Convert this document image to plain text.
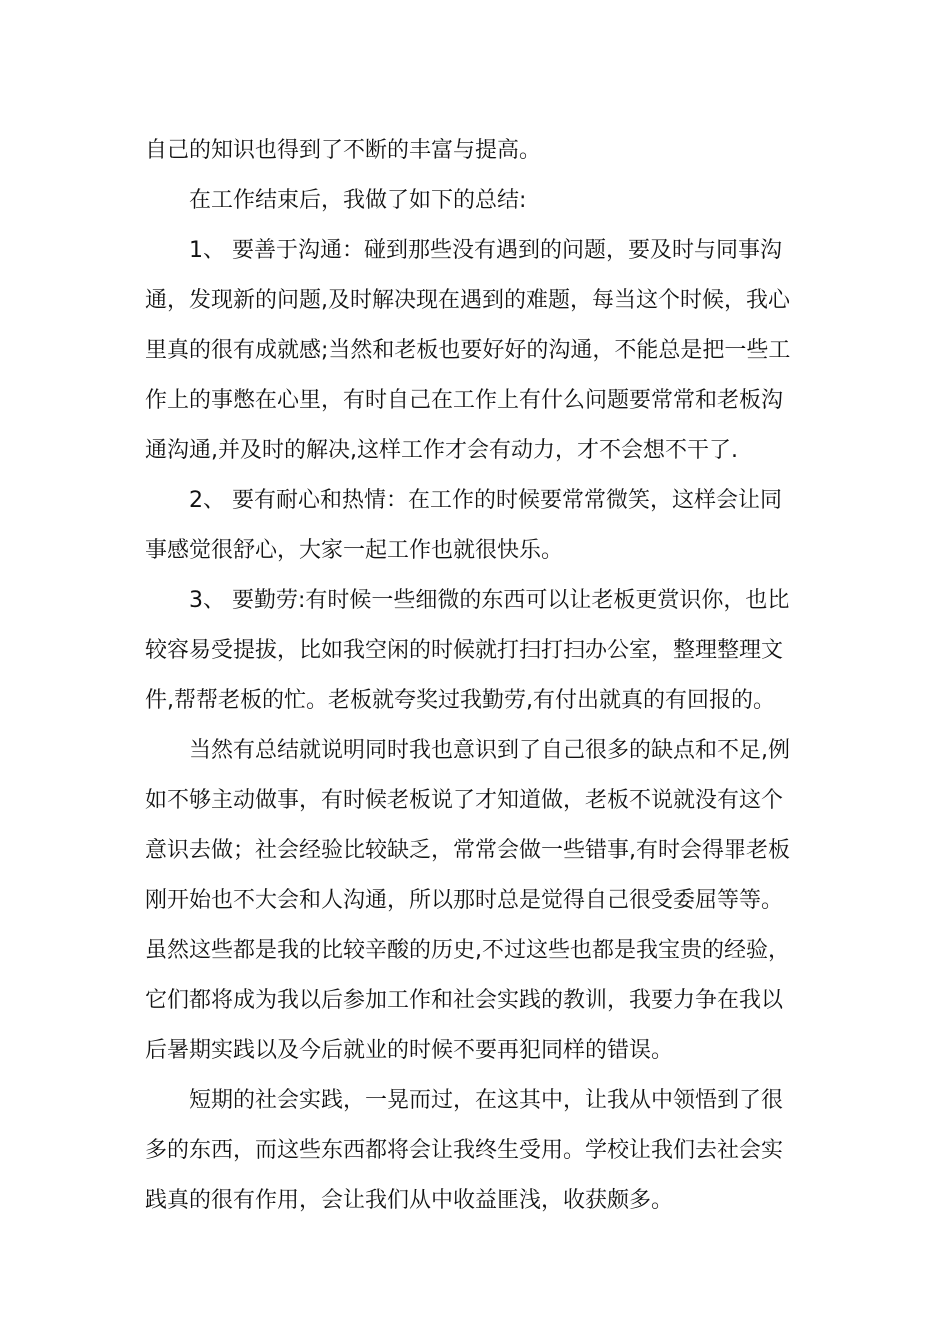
自己的知识也得到了不断的丰富与提高。
在工作结束后，我做了如下的总结:
1、 要善于沟通：碰到那些没有遇到的问题，要及时与同事沟
通，发现新的问题,及时解决现在遇到的难题，每当这个时候，我心
里真的很有成就感;当然和老板也要好好的沟通，不能总是把一些工
作上的事憋在心里，有时自己在工作上有什么问题要常常和老板沟
通沟通,并及时的解决,这样工作才会有动力，才不会想不干了.
2、 要有耐心和热情：在工作的时候要常常微笑，这样会让同
事感觉很舒心，大家一起工作也就很快乐。
3、 要勤劳:有时候一些细微的东西可以让老板更赏识你，也比
较容易受提拔，比如我空闲的时候就打扫打扫办公室，整理整理文
件,帮帮老板的忙。老板就夸奖过我勤劳,有付出就真的有回报的。
当然有总结就说明同时我也意识到了自己很多的缺点和不足,例
如不够主动做事，有时候老板说了才知道做，老板不说就没有这个
意识去做；社会经验比较缺乏，常常会做一些错事,有时会得罪老板
刚开始也不大会和人沟通，所以那时总是觉得自己很受委屈等等。
虽然这些都是我的比较辛酸的历史,不过这些也都是我宝贵的经验，
它们都将成为我以后参加工作和社会实践的教训，我要力争在我以
后暑期实践以及今后就业的时候不要再犯同样的错误。
短期的社会实践，一晃而过，在这其中，让我从中领悟到了很
多的东西，而这些东西都将会让我终生受用。学校让我们去社会实
践真的很有作用，会让我们从中收益匪浅，收获颇多。
